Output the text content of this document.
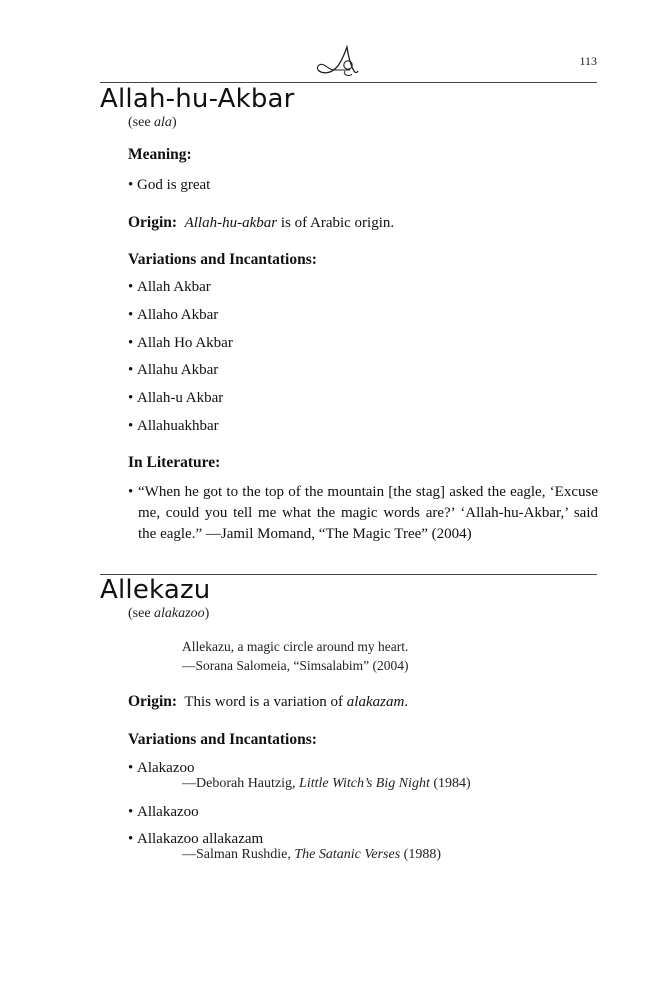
113
Allah-hu-Akbar
(see ala)
Meaning:
• God is great
Origin: Allah-hu-akbar is of Arabic origin.
Variations and Incantations:
• Allah Akbar
• Allaho Akbar
• Allah Ho Akbar
• Allahu Akbar
• Allah-u Akbar
• Allahuakhbar
In Literature:
• “When he got to the top of the mountain [the stag] asked the eagle, ‘Excuse me, could you tell me what the magic words are?’ ‘Allah-hu-Akbar,’ said the eagle.” —Jamil Momand, “The Magic Tree” (2004)
Allekazu
(see alakazoo)
Allekazu, a magic circle around my heart.
—Sorana Salomeia, “Simsalabim” (2004)
Origin: This word is a variation of alakazam.
Variations and Incantations:
• Alakazoo
—Deborah Hautzig, Little Witch’s Big Night (1984)
• Allakazoo
• Allakazoo allakazam
—Salman Rushdie, The Satanic Verses (1988)
